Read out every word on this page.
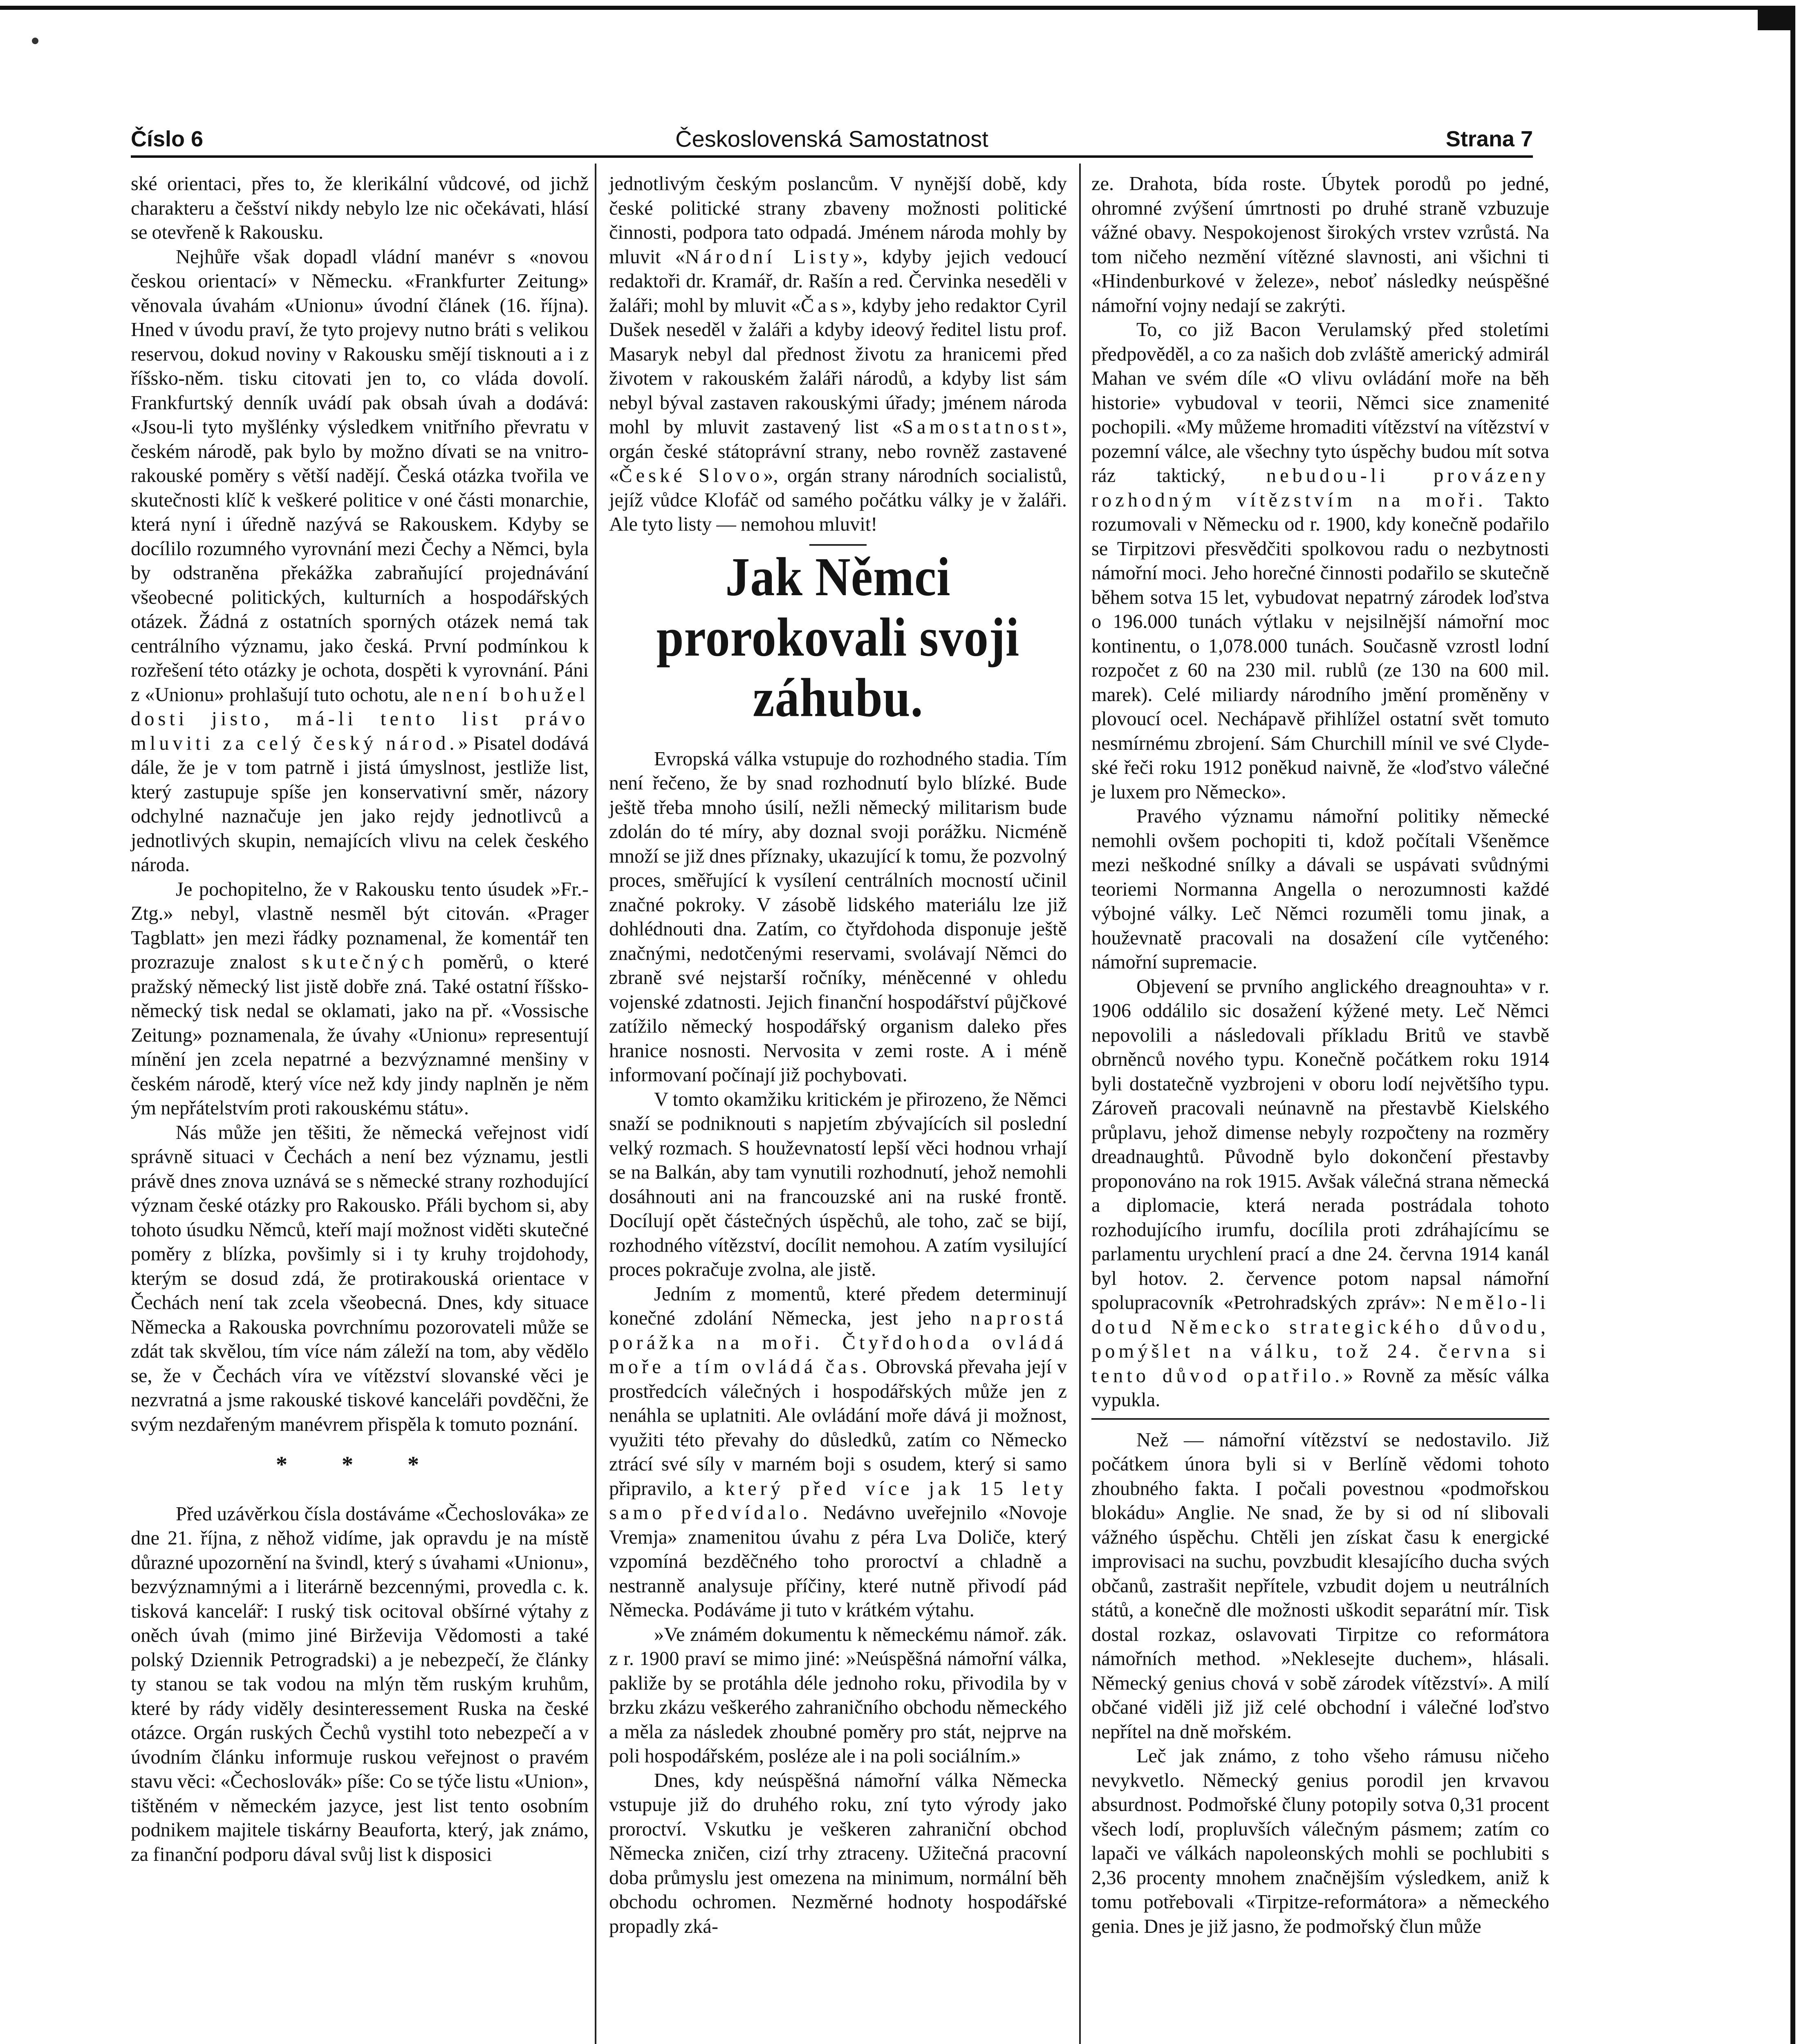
Československá Samostatnost
Číslo 6	Strana 7

ské orientaci, přes to, že klerikální vůdcové, od jichž charakteru a češství nikdy nebylo lze nic očekávati, hlásí se otevřeně k Rakousku.

Nejhůře však dopadl vládní manévr s «novou českou orientací» v Německu. «Frankfurter Zeitung» věnovala úvahám «Unionu» úvodní článek (16. října). Hned v úvodu praví, že tyto projevy nutno bráti s velikou reservou, dokud noviny v Rakousku smějí tisknouti a i z říšsko-něm. tisku citovati jen to, co vláda dovolí. Frankfurtský denník uvádí pak obsah úvah a dodává: «Jsou-li tyto myšlénky výsledkem vnitřního převratu v českém národě, pak bylo by možno dívati se na vnitro-rakouské poměry s větší nadějí. Česká otázka tvořila ve skutečnosti klíč k veškeré politice v oné části monarchie, která nyní i úředně nazývá se Rakouskem. Kdyby se docílilo rozumného vyrovnání mezi Čechy a Němci, byla by odstraněna překážka zabraňující projednávání všeobecné politických, kulturních a hospodářských otázek. Žádná z ostatních sporných otázek nemá tak centrálního významu, jako česká. První podmínkou k rozřešení této otázky je ochota, dospěti k vyrovnání. Páni z «Unionu» prohlašují tuto ochotu, ale není bohužel dosti jisto, má-li tento list právo mluviti za celý český národ.» Pisatel dodává dále, že je v tom patrně i jistá úmyslnost, jestliže list, který zastupuje spíše jen konservativní směr, názory odchylné naznačuje jen jako rejdy jednotlivců a jednotlivých skupin, nemajících vlivu na celek českého národa.

Je pochopitelno, že v Rakousku tento úsudek »Fr.-Ztg.» nebyl, vlastně nesměl být citován. «Prager Tagblatt» jen mezi řádky poznamenal, že komentář ten prozrazuje znalost skutečných poměrů, o které pražský německý list jistě dobře zná. Také ostatní říšsko-německý tisk nedal se oklamati, jako na př. «Vossische Zeitung» poznamenala, že úvahy «Unionu» representují mínění jen zcela nepatrné a bezvýznamné menšiny v českém národě, který více než kdy jindy naplněn je něm ým nepřátelstvím proti rakouskému státu».

Nás může jen těšiti, že německá veřejnost vidí správně situaci v Čechách a není bez významu, jestli právě dnes znova uznává se s německé strany rozhodující význam české otázky pro Rakousko. Přáli bychom si, aby tohoto úsudku Němců, kteří mají možnost viděti skutečné poměry z blízka, povšimly si i ty kruhy trojdohody, kterým se dosud zdá, že protirakouská orientace v Čechách není tak zcela všeobecná. Dnes, kdy situace Německa a Rakouska povrchnímu pozorovateli může se zdát tak skvělou, tím více nám záleží na tom, aby vědělo se, že v Čechách víra ve vítězství slovanské věci je nezvratná a jsme rakouské tiskové kanceláři povděčni, že svým nezdařeným manévrem přispěla k tomuto poznání.

* * *

Před uzávěrkou čísla dostáváme «Čechoslováka» ze dne 21. října, z něhož vidíme, jak opravdu je na místě důrazné upozornění na švindl, který s úvahami «Unionu», bezvýznamnými a i literárně bezcennými, provedla c. k. tisková kancelář: I ruský tisk ocitoval obšírné výtahy z oněch úvah (mimo jiné Birževija Vědomosti a také polský Dziennik Petrogradski) a je nebezpečí, že články ty stanou se tak vodou na mlýn těm ruským kruhům, které by rády viděly desinteressement Ruska na české otázce. Orgán ruských Čechů vystihl toto nebezpečí a v úvodním článku informuje ruskou veřejnost o pravém stavu věci: «Čechoslovák» píše: Co se týče listu «Union», tištěném v německém jazyce, jest list tento osobním podnikem majitele tiskárny Beauforta, který, jak známo, za finanční podporu dával svůj list k disposici

jednotlivým českým poslancům. V nynější době, kdy české politické strany zbaveny možnosti politické činnosti, podpora tato odpadá. Jménem národa mohly by mluvit «Národní Listy», kdyby jejich vedoucí redaktoři dr. Kramář, dr. Rašín a red. Červinka neseděli v žaláři; mohl by mluvit «Čas», kdyby jeho redaktor Cyril Dušek neseděl v žaláři a kdyby ideový ředitel listu prof. Masaryk nebyl dal přednost životu za hranicemi před životem v rakouském žaláři národů, a kdyby list sám nebyl býval zastaven rakouskými úřady; jménem národa mohl by mluvit zastavený list «Samostatnost», orgán české státoprávní strany, nebo rovněž zastavené «České Slovo», orgán strany národních socialistů, jejíž vůdce Klofáč od samého počátku války je v žaláři. Ale tyto listy — nemohou mluvit!

Jak Němci prorokovali svoji záhubu.

Evropská válka vstupuje do rozhodného stadia. Tím není řečeno, že by snad rozhodnutí bylo blízké. Bude ještě třeba mnoho úsilí, nežli německý militarism bude zdolán do té míry, aby doznal svoji porážku. Nicméně množí se již dnes příznaky, ukazující k tomu, že pozvolný proces, směřující k vysílení centrálních mocností učinil značné pokroky. V zásobě lidského materiálu lze již dohlédnouti dna. Zatím, co čtyřdohoda disponuje ještě značnými, nedotčenými reservami, svolávají Němci do zbraně své nejstarší ročníky, méněcenné v ohledu vojenské zdatnosti. Jejich finanční hospodářství půjčkové zatížilo německý hospodářský organism daleko přes hranice nosnosti. Nervosita v zemi roste. A i méně informovaní počínají již pochybovati.

V tomto okamžiku kritickém je přirozeno, že Němci snaží se podniknouti s napjetím zbývajících sil poslední velký rozmach. S houževnatostí lepší věci hodnou vrhají se na Balkán, aby tam vynutili rozhodnutí, jehož nemohli dosáhnouti ani na francouzské ani na ruské frontě. Docílují opět částečných úspěchů, ale toho, zač se bijí, rozhodného vítězství, docílit nemohou. A zatím vysilující proces pokračuje zvolna, ale jistě.

Jedním z momentů, které předem determinují konečné zdolání Německa, jest jeho naprostá porážka na moři. Čtyřdohoda ovládá moře a tím ovládá čas. Obrovská převaha její v prostředcích válečných i hospodářských může jen z nenáhla se uplatniti. Ale ovládání moře dává ji možnost, využiti této převahy do důsledků, zatím co Německo ztrácí své síly v marném boji s osudem, který si samo připravilo, a který před více jak 15 lety samo předvídalo. Nedávno uveřejnilo «Novoje Vremja» znamenitou úvahu z péra Lva Doliče, který vzpomíná bezděčného toho proroctví a chladně a nestranně analysuje příčiny, které nutně přivodí pád Německa. Podáváme ji tuto v krátkém výtahu.

»Ve známém dokumentu k německému námoř. zák. z r. 1900 praví se mimo jiné: »Neúspěšná námořní válka, pakliže by se protáhla déle jednoho roku, přivodila by v brzku zkázu veškerého zahraničního obchodu německého a měla za následek zhoubné poměry pro stát, nejprve na poli hospodářském, posléze ale i na poli sociálním.»

Dnes, kdy neúspěšná námořní válka Německa vstupuje již do druhého roku, zní tyto výrody jako proroctví. Vskutku je veškeren zahraniční obchod Německa zničen, cizí trhy ztraceny. Užitečná pracovní doba průmyslu jest omezena na minimum, normální běh obchodu ochromen. Nezměrné hodnoty hospodářské propadly zká-

ze. Drahota, bída roste. Úbytek porodů po jedné, ohromné zvýšení úmrtnosti po druhé straně vzbuzuje vážné obavy. Nespokojenost širokých vrstev vzrůstá. Na tom ničeho nezmění vítězné slavnosti, ani všichni ti «Hindenburkové v železe», neboť následky neúspěšné námořní vojny nedají se zakrýti.

To, co již Bacon Verulamský před stoletími předpověděl, a co za našich dob zvláště americký admirál Mahan ve svém díle «O vlivu ovládání moře na běh historie» vybudoval v teorii, Němci sice znamenité pochopili. «My můžeme hromaditi vítězství na vítězství v pozemní válce, ale všechny tyto úspěchy budou mít sotva ráz taktický, nebudou-li provázeny rozhodným vítězstvím na moři. Takto rozumovali v Německu od r. 1900, kdy konečně podařilo se Tirpitzovi přesvědčiti spolkovou radu o nezbytnosti námořní moci. Jeho horečné činnosti podařilo se skutečně během sotva 15 let, vybudovat nepatrný zárodek loďstva o 196.000 tunách výtlaku v nejsilnější námořní moc kontinentu, o 1,078.000 tunách. Současně vzrostl lodní rozpočet z 60 na 230 mil. rublů (ze 130 na 600 mil. marek). Celé miliardy národního jmění proměněny v plovoucí ocel. Nechápavě přihlížel ostatní svět tomuto nesmírnému zbrojení. Sám Churchill mínil ve své Clyde-ské řeči roku 1912 poněkud naivně, že «loďstvo válečné je luxem pro Německo».

Pravého významu námořní politiky německé nemohli ovšem pochopiti ti, kdož počítali Všeněmce mezi neškodné snílky a dávali se uspávati svůdnými teoriemi Normanna Angella o nerozumnosti každé výbojné války. Leč Němci rozuměli tomu jinak, a houževnatě pracovali na dosažení cíle vytčeného: námořní supremacie.

Objevení se prvního anglického dreagnouhta» v r. 1906 oddálilo sic dosažení kýžené mety. Leč Němci nepovolili a následovali příkladu Britů ve stavbě obrněnců nového typu. Konečně počátkem roku 1914 byli dostatečně vyzbrojeni v oboru lodí největšího typu. Zároveň pracovali neúnavně na přestavbě Kielského průplavu, jehož dimense nebyly rozpočteny na rozměry dreadnaughtů. Původně bylo dokončení přestavby proponováno na rok 1915. Avšak válečná strana německá a diplomacie, která nerada postrádala tohoto rozhodujícího irumfu, docílila proti zdráhajícímu se parlamentu urychlení prací a dne 24. června 1914 kanál byl hotov. 2. července potom napsal námořní spolupracovník «Petrohradských zpráv»: Nemělo-li dotud Německo strategického důvodu, pomýšlet na válku, tož 24. června si tento důvod opatřilo.» Rovně za měsíc válka vypukla.

Než — námořní vítězství se nedostavilo. Již počátkem února byli si v Berlíně vědomi tohoto zhoubného fakta. I počali povestnou «podmořskou blokádu» Anglie. Ne snad, že by si od ní slibovali vážného úspěchu. Chtěli jen získat času k energické improvisaci na suchu, povzbudit klesajícího ducha svých občanů, zastrašit nepřítele, vzbudit dojem u neutrálních států, a konečně dle možnosti uškodit separátní mír. Tisk dostal rozkaz, oslavovati Tirpitze co reformátora námořních method. »Neklesejte duchem», hlásali. Německý genius chová v sobě zárodek vítězství». A milí občané viděli již již celé obchodní i válečné loďstvo nepřítel na dně mořském.

Leč jak známo, z toho všeho rámusu ničeho nevykvetlo. Německý genius porodil jen krvavou absurdnost. Podmořské čluny potopily sotva 0,31 procent všech lodí, propluvších válečným pásmem; zatím co lapači ve válkách napoleonských mohli se pochlubiti s 2,36 procenty mnohem značnějším výsledkem, aniž k tomu potřebovali «Tirpitze-reformátora» a německého genia. Dnes je již jasno, že podmořský člun může
